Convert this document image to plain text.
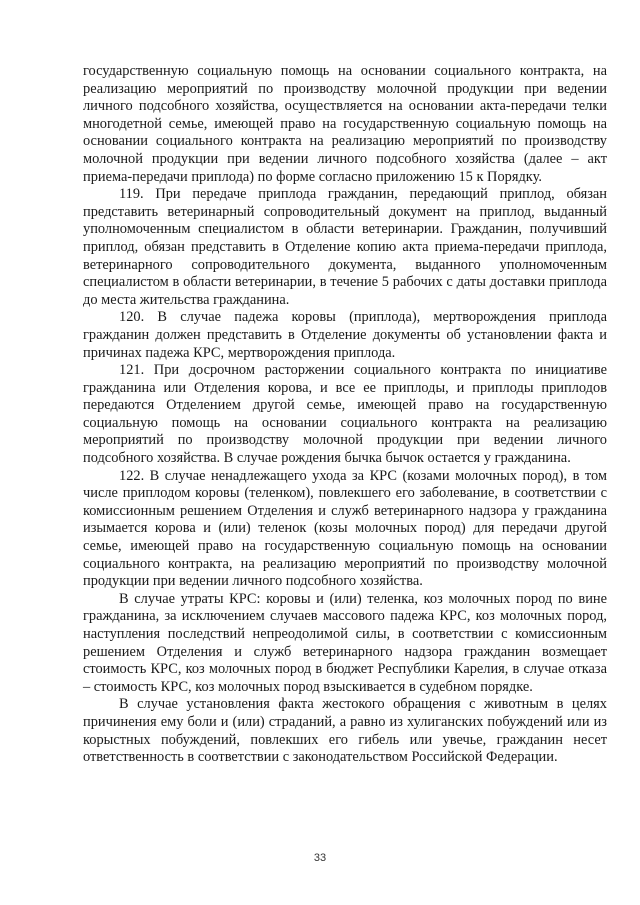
государственную социальную помощь на основании социального контракта, на реализацию мероприятий по производству молочной продукции при ведении личного подсобного хозяйства, осуществляется на основании акта-передачи телки многодетной семье, имеющей право на государственную социальную помощь на основании социального контракта на реализацию мероприятий по производству молочной продукции при ведении личного подсобного хозяйства (далее – акт приема-передачи приплода) по форме согласно приложению 15 к Порядку.

119. При передаче приплода гражданин, передающий приплод, обязан представить ветеринарный сопроводительный документ на приплод, выданный уполномоченным специалистом в области ветеринарии. Гражданин, получивший приплод, обязан представить в Отделение копию акта приема-передачи приплода, ветеринарного сопроводительного документа, выданного уполномоченным специалистом в области ветеринарии, в течение 5 рабочих с даты доставки приплода до места жительства гражданина.

120. В случае падежа коровы (приплода), мертворождения приплода гражданин должен представить в Отделение документы об установлении факта и причинах падежа КРС, мертворождения приплода.

121. При досрочном расторжении социального контракта по инициативе гражданина или Отделения корова, и все ее приплоды, и приплоды приплодов передаются Отделением другой семье, имеющей право на государственную социальную помощь на основании социального контракта на реализацию мероприятий по производству молочной продукции при ведении личного подсобного хозяйства. В случае рождения бычка бычок остается у гражданина.

122. В случае ненадлежащего ухода за КРС (козами молочных пород), в том числе приплодом коровы (теленком), повлекшего его заболевание, в соответствии с комиссионным решением Отделения и служб ветеринарного надзора у гражданина изымается корова и (или) теленок (козы молочных пород) для передачи другой семье, имеющей право на государственную социальную помощь на основании социального контракта, на реализацию мероприятий по производству молочной продукции при ведении личного подсобного хозяйства.

В случае утраты КРС: коровы и (или) теленка, коз молочных пород по вине гражданина, за исключением случаев массового падежа КРС, коз молочных пород, наступления последствий непреодолимой силы, в соответствии с комиссионным решением Отделения и служб ветеринарного надзора гражданин возмещает стоимость КРС, коз молочных пород в бюджет Республики Карелия, в случае отказа – стоимость КРС, коз молочных пород взыскивается в судебном порядке.

В случае установления факта жестокого обращения с животным в целях причинения ему боли и (или) страданий, а равно из хулиганских побуждений или из корыстных побуждений, повлекших его гибель или увечье, гражданин несет ответственность в соответствии с законодательством Российской Федерации.

33
